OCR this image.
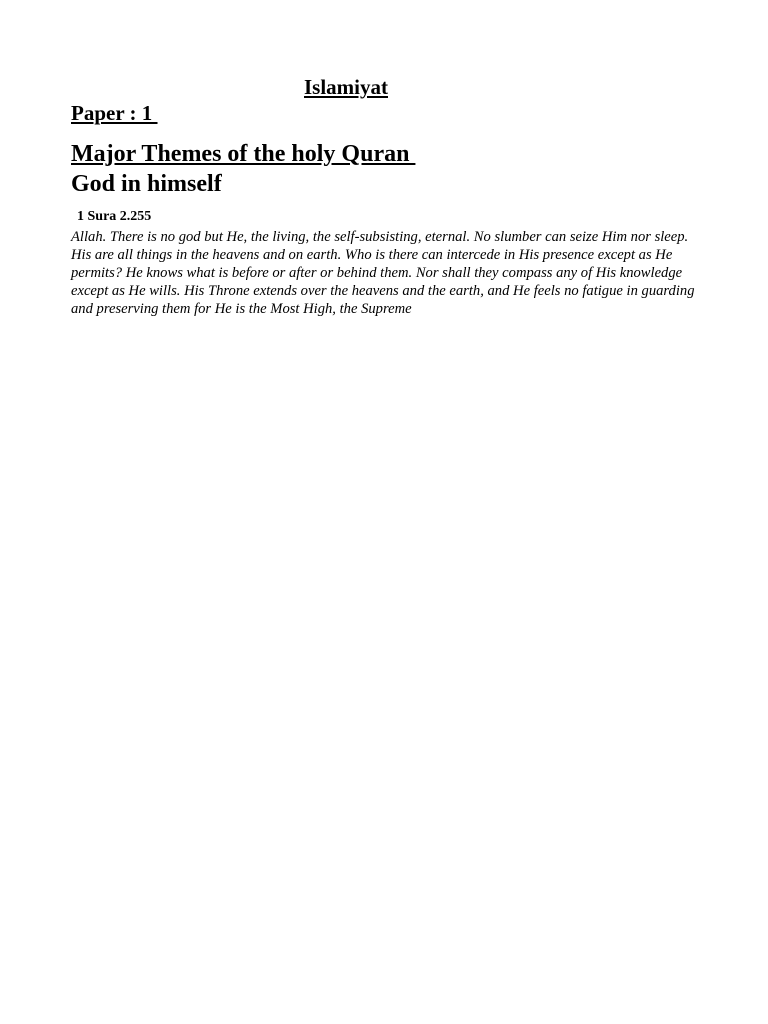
Islamiyat
Paper : 1
Major Themes of the holy Quran
God in himself
1 Sura 2.255
Allah. There is no god but He, the living, the self-subsisting, eternal. No slumber can seize Him nor sleep. His are all things in the heavens and on earth. Who is there can intercede in His presence except as He permits? He knows what is before or after or behind them. Nor shall they compass any of His knowledge except as He wills. His Throne extends over the heavens and the earth, and He feels no fatigue in guarding and preserving them for He is the Most High, the Supreme
